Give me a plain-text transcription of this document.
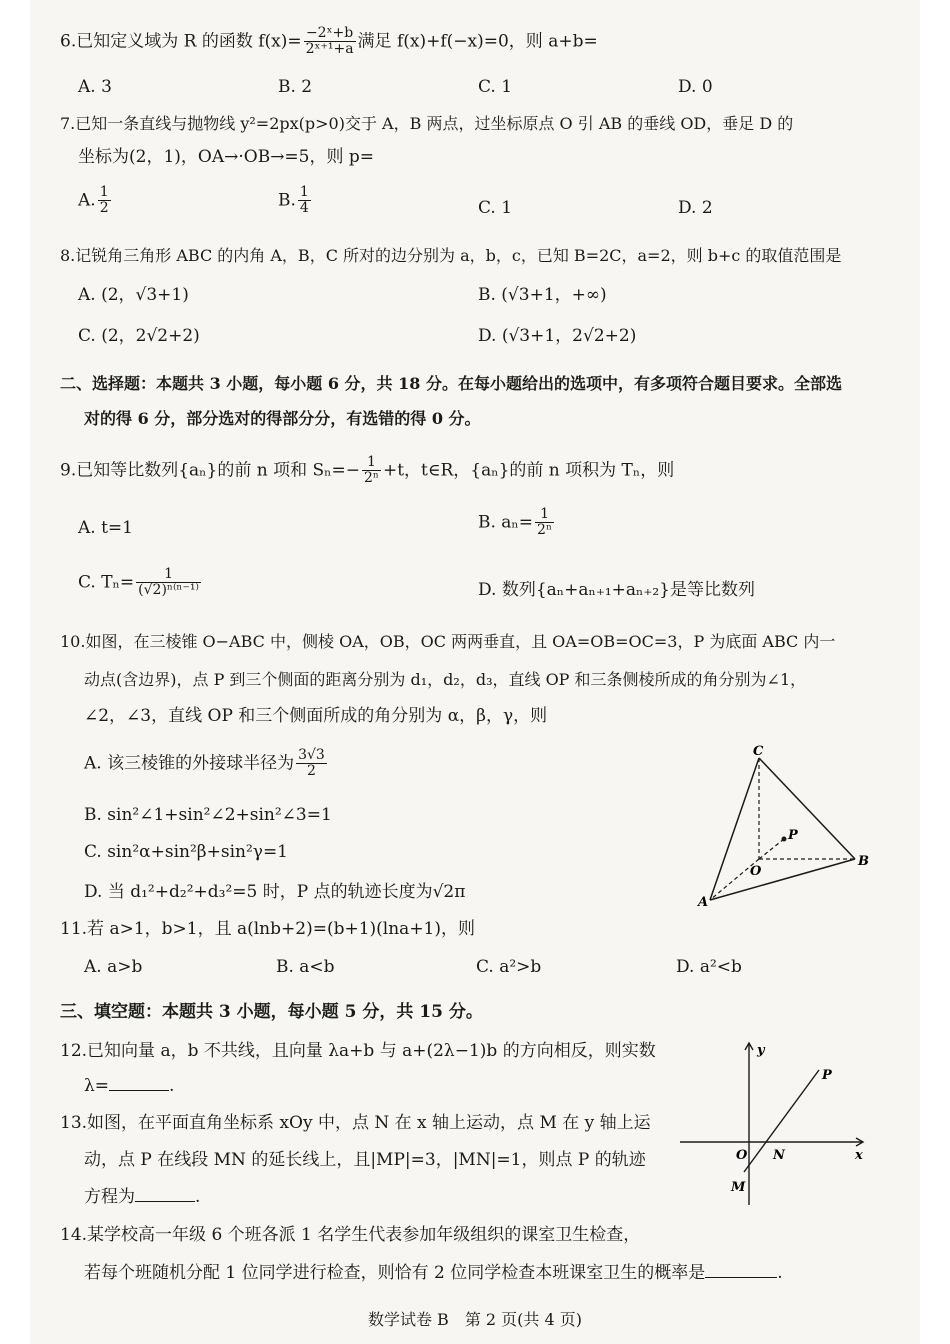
6.已知定义域为 R 的函数 $f(x)= \frac{\text{−2ˣ+b}}{\text{2ˣ⁺¹+a}}$ 满足 f(x)+f(−x)=0，则 a+b=
A. 3	B. 2	C. 1	D. 0
7.已知一条直线与抛物线 y²=2px(p>0)交于 A，B 两点，过坐标原点 O 引 AB 的垂线 OD，垂足 D 的
坐标为(2，1)，OA→·OB→=5，则 p=
A. $\frac{1}{2}$	B. $\frac{1}{4}$	C. 1	D. 2
8.记锐角三角形 ABC 的内角 A，B，C 所对的边分别为 a，b，c，已知 B=2C，a=2，则 b+c 的取值范围是
A. (2，√3+1)	B. (√3+1，+∞)
C. (2，2√2+2)	D. (√3+1，2√2+2)
二、选择题：本题共 3 小题，每小题 6 分，共 18 分。在每小题给出的选项中，有多项符合题目要求。全部选
对的得 6 分，部分选对的得部分分，有选错的得 0 分。
9.已知等比数列{aₙ}的前 n 项和 $S_n=- \frac{1}{\text{2ⁿ}} +t$，t∈R，{aₙ}的前 n 项积为 Tₙ，则
A. t=1	B. $a_n= \frac{1}{\text{2ⁿ}}$
C. $T_n= \frac{1}{\text{(√2)ⁿ⁽ⁿ⁻¹⁾}}$	D. 数列{aₙ+aₙ₊₁+aₙ₊₂}是等比数列
10.如图，在三棱锥 O−ABC 中，侧棱 OA，OB，OC 两两垂直，且 OA=OB=OC=3，P 为底面 ABC 内一
动点(含边界)，点 P 到三个侧面的距离分别为 d₁，d₂，d₃，直线 OP 和三条侧棱所成的角分别为∠1，
∠2，∠3，直线 OP 和三个侧面所成的角分别为 α，β，γ，则
A. 该三棱锥的外接球半径为 $\frac{3√3}{2}$
B. sin²∠1+sin²∠2+sin²∠3=1
C. sin²α+sin²β+sin²γ=1
D. 当 d₁²+d₂²+d₃²=5 时，P 点的轨迹长度为√2π
C
P
O
B
A
11.若 a>1，b>1，且 a(lnb+2)=(b+1)(lna+1)，则
A. a>b	B. a<b	C. a²>b	D. a²<b
三、填空题：本题共 3 小题，每小题 5 分，共 15 分。
12.已知向量 a，b 不共线，且向量 λa+b 与 a+(2λ−1)b 的方向相反，则实数
λ=	.
13.如图，在平面直角坐标系 xOy 中，点 N 在 x 轴上运动，点 M 在 y 轴上运
动，点 P 在线段 MN 的延长线上，且|MP|=3，|MN|=1，则点 P 的轨迹
方程为	.
y
P
O N	x
M
14.某学校高一年级 6 个班各派 1 名学生代表参加年级组织的课室卫生检查，
若每个班随机分配 1 位同学进行检查，则恰有 2 位同学检查本班课室卫生的概率是	.
数学试卷 B　第 2 页(共 4 页)
